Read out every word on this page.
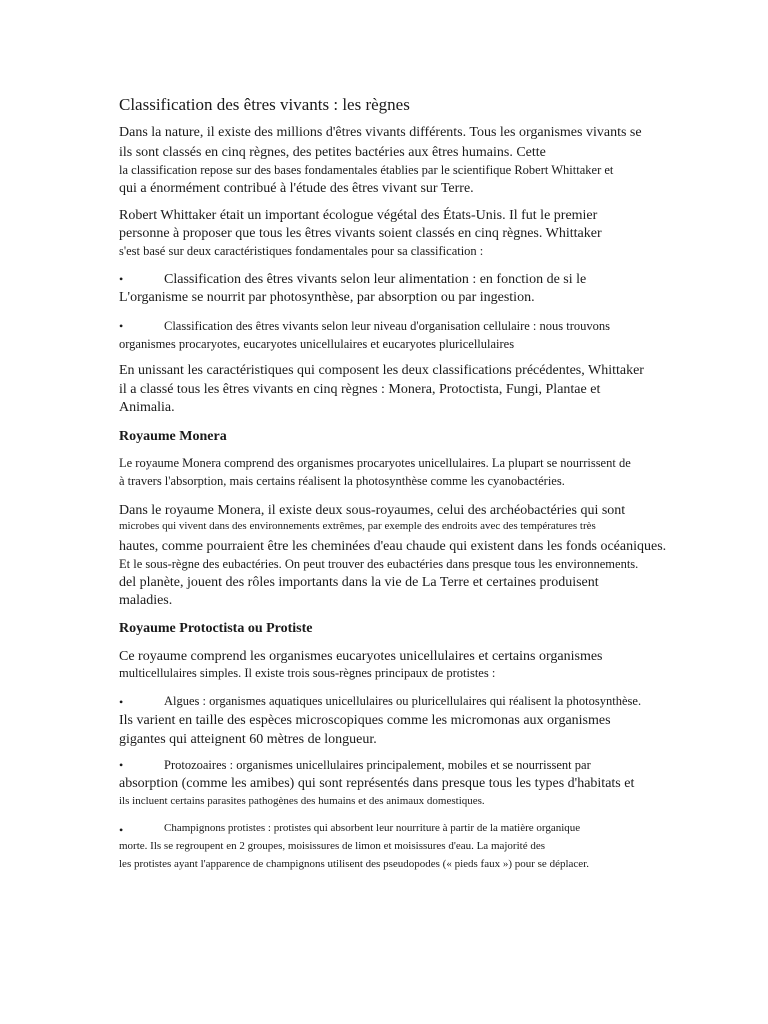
Classification des êtres vivants : les règnes
Dans la nature, il existe des millions d'êtres vivants différents. Tous les organismes vivants se
ils sont classés en cinq règnes, des petites bactéries aux êtres humains. Cette
la classification repose sur des bases fondamentales établies par le scientifique Robert Whittaker et
qui a énormément contribué à l'étude des êtres vivant sur Terre.
Robert Whittaker était un important écologue végétal des États-Unis. Il fut le premier
personne à proposer que tous les êtres vivants soient classés en cinq règnes. Whittaker
s'est basé sur deux caractéristiques fondamentales pour sa classification :
•	Classification des êtres vivants selon leur alimentation : en fonction de si le
L'organisme se nourrit par photosynthèse, par absorption ou par ingestion.
•	Classification des êtres vivants selon leur niveau d'organisation cellulaire : nous trouvons
organismes procaryotes, eucaryotes unicellulaires et eucaryotes pluricellulaires
En unissant les caractéristiques qui composent les deux classifications précédentes, Whittaker
il a classé tous les êtres vivants en cinq règnes : Monera, Protoctista, Fungi, Plantae et
Animalia.
Royaume Monera
Le royaume Monera comprend des organismes procaryotes unicellulaires. La plupart se nourrissent de
à travers l'absorption, mais certains réalisent la photosynthèse comme les cyanobactéries.
Dans le royaume Monera, il existe deux sous-royaumes, celui des archéobactéries qui sont
microbes qui vivent dans des environnements extrêmes, par exemple des endroits avec des températures très
hautes, comme pourraient être les cheminées d'eau chaude qui existent dans les fonds océaniques.
Et le sous-règne des eubactéries. On peut trouver des eubactéries dans presque tous les environnements.
del planète, jouent des rôles importants dans la vie de La Terre et certaines produisent
maladies.
Royaume Protoctista ou Protiste
Ce royaume comprend les organismes eucaryotes unicellulaires et certains organismes
multicellulaires simples. Il existe trois sous-règnes principaux de protistes :
•	Algues : organismes aquatiques unicellulaires ou pluricellulaires qui réalisent la photosynthèse.
Ils varient en taille des espèces microscopiques comme les micromonas aux organismes
gigantes qui atteignent 60 mètres de longueur.
•	Protozoaires : organismes unicellulaires principalement, mobiles et se nourrissent par
absorption (comme les amibes) qui sont représentés dans presque tous les types d'habitats et
ils incluent certains parasites pathogènes des humains et des animaux domestiques.
•	Champignons protistes : protistes qui absorbent leur nourriture à partir de la matière organique
morte. Ils se regroupent en 2 groupes, moisissures de limon et moisissures d'eau. La majorité des
les protistes ayant l'apparence de champignons utilisent des pseudopodes (« pieds faux ») pour se déplacer.
